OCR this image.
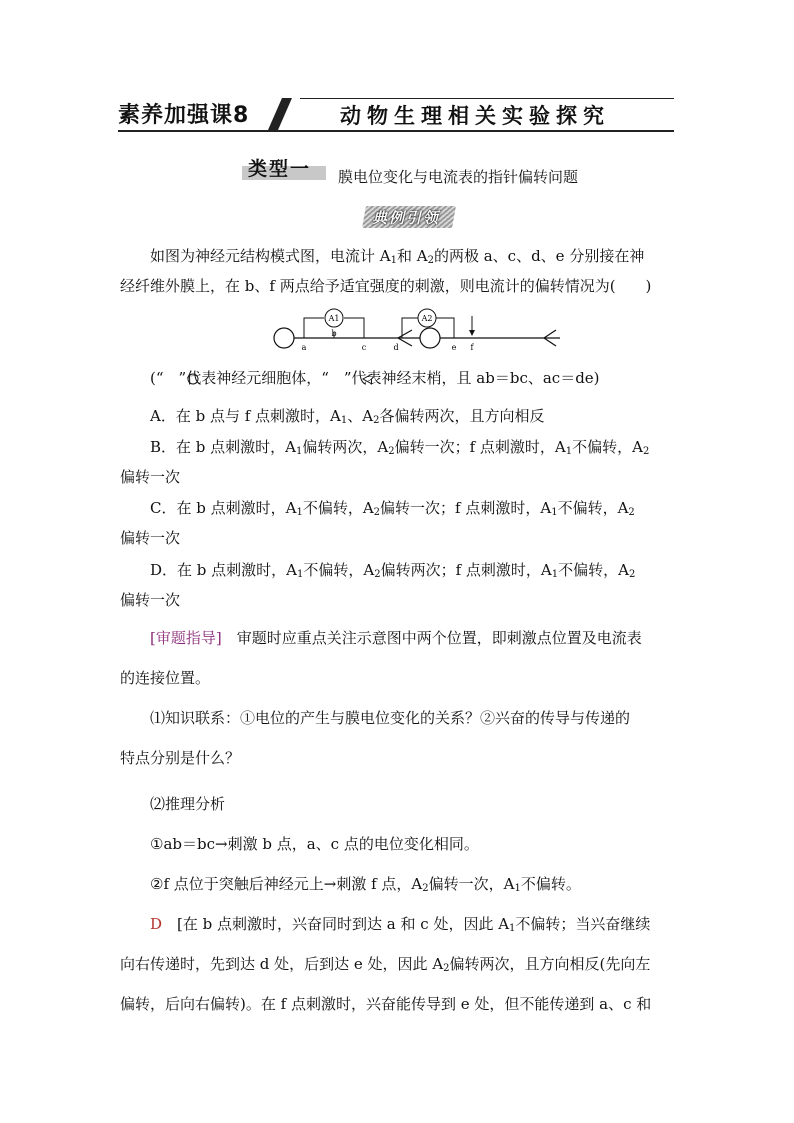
素养加强课8	动物生理相关实验探究
类型一 膜电位变化与电流表的指针偏转问题
典例引领
如图为神经元结构模式图，电流计 $A_1$和 $A_2$的两极 a、c、d、e 分别接在神
经纤维外膜上，在 b、f 两点给予适宜强度的刺激，则电流计的偏转情况为(　　)
A1	A2
a
b
c	d	e f
(“　”代表神经元细胞体，“　”代表神经末梢，且 ab＝bc、ac＝de)
A．在 b 点与 f 点刺激时，$A_1$、$A_2$各偏转两次，且方向相反
B．在 b 点刺激时，$A_1$偏转两次，$A_2$偏转一次；f 点刺激时，$A_1$不偏转，$A_2$
偏转一次
C．在 b 点刺激时，$A_1$不偏转，$A_2$偏转一次；f 点刺激时，$A_1$不偏转，$A_2$
偏转一次
D．在 b 点刺激时，$A_1$不偏转，$A_2$偏转两次；f 点刺激时，$A_1$不偏转，$A_2$
偏转一次
[审题指导]　审题时应重点关注示意图中两个位置，即刺激点位置及电流表
的连接位置。
⑴知识联系：①电位的产生与膜电位变化的关系？②兴奋的传导与传递的
特点分别是什么？
⑵推理分析
①ab＝bc→刺激 b 点，a、c 点的电位变化相同。
②f 点位于突触后神经元上→刺激 f 点，$A_2$偏转一次，$A_1$不偏转。
D　[在 b 点刺激时，兴奋同时到达 a 和 c 处，因此 $A_1$不偏转；当兴奋继续
向右传递时，先到达 d 处，后到达 e 处，因此 $A_2$偏转两次，且方向相反(先向左
偏转，后向右偏转)。在 f 点刺激时，兴奋能传导到 e 处，但不能传递到 a、c 和
